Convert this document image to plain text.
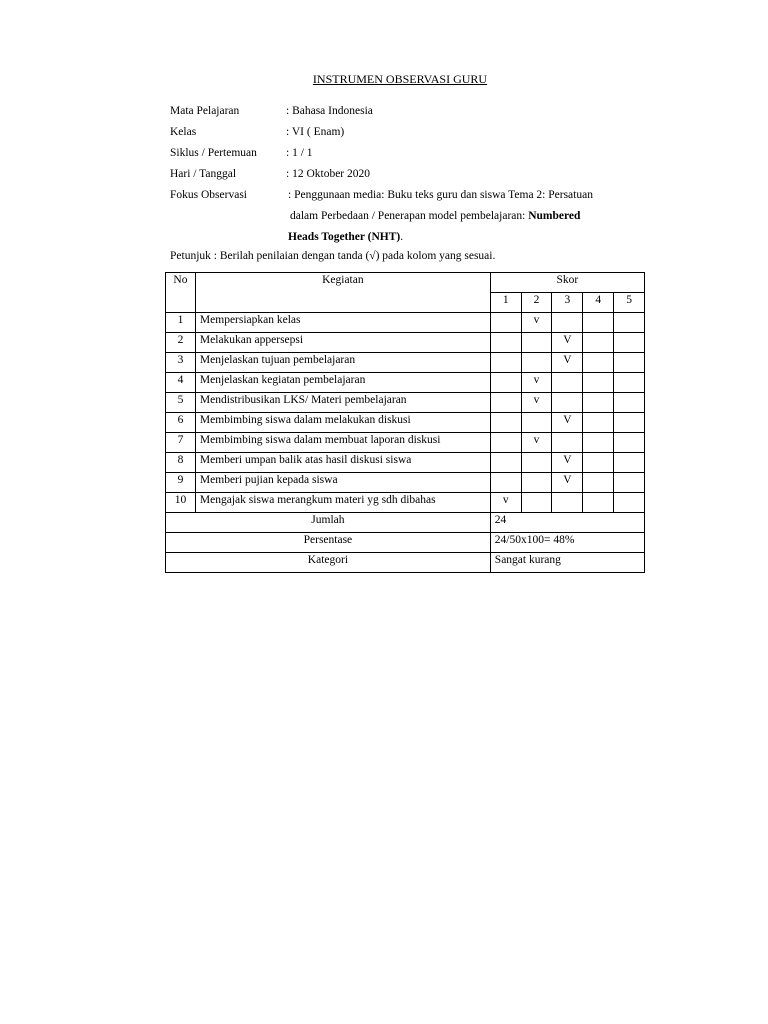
INSTRUMEN OBSERVASI GURU
Mata Pelajaran	: Bahasa Indonesia
Kelas	: VI ( Enam)
Siklus / Pertemuan	: 1 / 1
Hari / Tanggal	: 12 Oktober 2020
Fokus Observasi	: Penggunaan media: Buku teks guru dan siswa Tema 2: Persatuan
dalam Perbedaan / Penerapan model pembelajaran: Numbered
Heads Together (NHT).
Petunjuk : Berilah penilaian dengan tanda (√) pada kolom yang sesuai.
No	Kegiatan	Skor				
		1	2	3	4	5
1	Mempersiapkan kelas		v			
2	Melakukan appersepsi			V		
3	Menjelaskan tujuan pembelajaran			V		
4	Menjelaskan kegiatan pembelajaran		v			
5	Mendistribusikan LKS/ Materi pembelajaran		v			
6	Membimbing siswa dalam melakukan diskusi			V		
7	Membimbing siswa dalam membuat laporan diskusi		v			
8	Memberi umpan balik atas hasil diskusi siswa			V		
9	Memberi pujian kepada siswa			V		
10	Mengajak siswa merangkum materi yg sdh dibahas	v				
Jumlah		24				
Persentase		24/50x100= 48%				
Kategori		Sangat kurang				
